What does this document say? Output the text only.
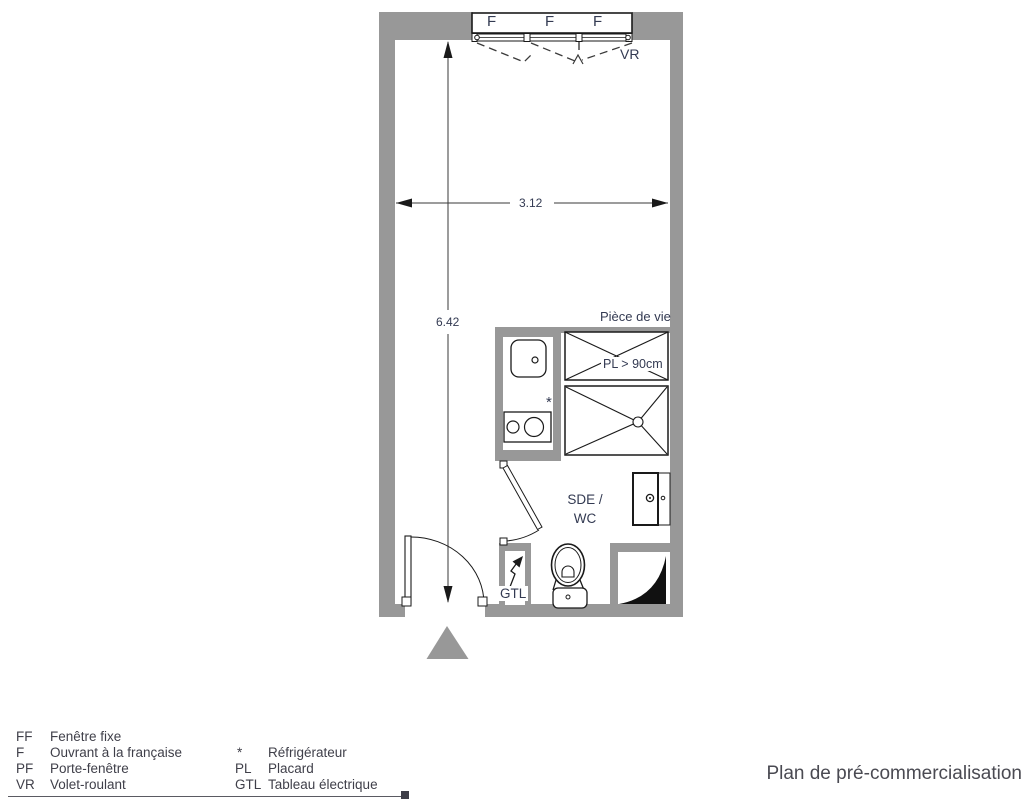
F	F	F
VR
3.12
6.42	Pièce de vie
PL > 90cm
SDE /
WC
GTL
*
FF Fenêtre fixe
F Ouvrant à la française
PF Porte-fenêtre
VR Volet-roulant
* Réfrigérateur
PL Placard
GTL Tableau électrique
Plan de pré-commercialisation
